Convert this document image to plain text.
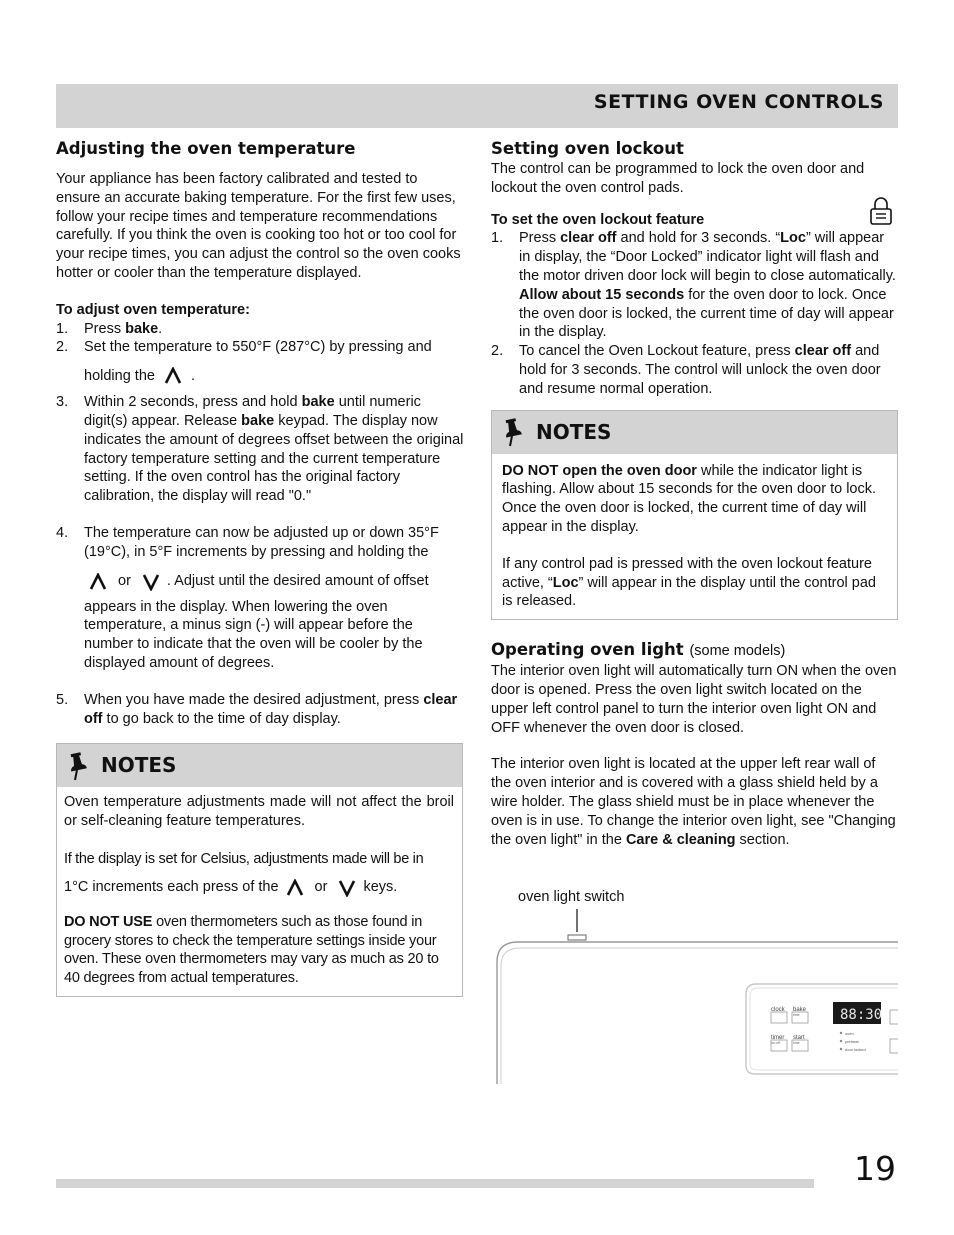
SETTING OVEN CONTROLS
Adjusting the oven temperature

Your appliance has been factory calibrated and tested to ensure an accurate baking temperature. For the first few uses, follow your recipe times and temperature recommendations carefully. If you think the oven is cooking too hot or too cool for your recipe times, you can adjust the control so the oven cooks hotter or cooler than the temperature displayed.

To adjust oven temperature:

1. Press bake.
2. Set the temperature to 550°F (287°C) by pressing and
holding the .
3. Within 2 seconds, press and hold bake until numeric digit(s) appear. Release bake keypad. The display now indicates the amount of degrees offset between the original factory temperature setting and the current temperature setting. If the oven control has the original factory calibration, the display will read "0."
4. The temperature can now be adjusted up or down 35°F (19°C), in 5°F increments by pressing and holding the
or . Adjust until the desired amount of offset
appears in the display. When lowering the oven temperature, a minus sign (-) will appear before the number to indicate that the oven will be cooler by the displayed amount of degrees.
5. When you have made the desired adjustment, press clear off to go back to the time of day display.
NOTES

Oven temperature adjustments made will not affect the broil or self-cleaning feature temperatures.

If the display is set for Celsius, adjustments made will be in

1°C increments each press of the or keys.

DO NOT USE oven thermometers such as those found in grocery stores to check the temperature settings inside your oven. These oven thermometers may vary as much as 20 to 40 degrees from actual temperatures.

Setting oven lockout

The control can be programmed to lock the oven door and lockout the oven control pads.

To set the oven lockout feature

1. Press clear off and hold for 3 seconds. “Loc” will appear in display, the “Door Locked” indicator light will flash and the motor driven door lock will begin to close automatically. Allow about 15 seconds for the oven door to lock. Once the oven door is locked, the current time of day will appear in the display.
2. To cancel the Oven Lockout feature, press clear off and hold for 3 seconds. The control will unlock the oven door and resume normal operation.
NOTES

DO NOT open the oven door while the indicator light is flashing. Allow about 15 seconds for the oven door to lock. Once the oven door is locked, the current time of day will appear in the display.

If any control pad is pressed with the oven lockout feature active, “Loc” will appear in the display until the control pad is released.

Operating oven light (some models)

The interior oven light will automatically turn ON when the oven door is opened. Press the oven light switch located on the upper left control panel to turn the interior oven light ON and OFF whenever the oven door is closed.

The interior oven light is located at the upper left rear wall of the oven interior and is covered with a glass shield held by a wire holder. The glass shield must be in place whenever the oven is in use. To change the interior oven light, see "Changing the oven light" in the Care & cleaning section.

oven light switch
clock bake
time
timer
on-off
start
time
88:30
oven
preheat
door locked
19
